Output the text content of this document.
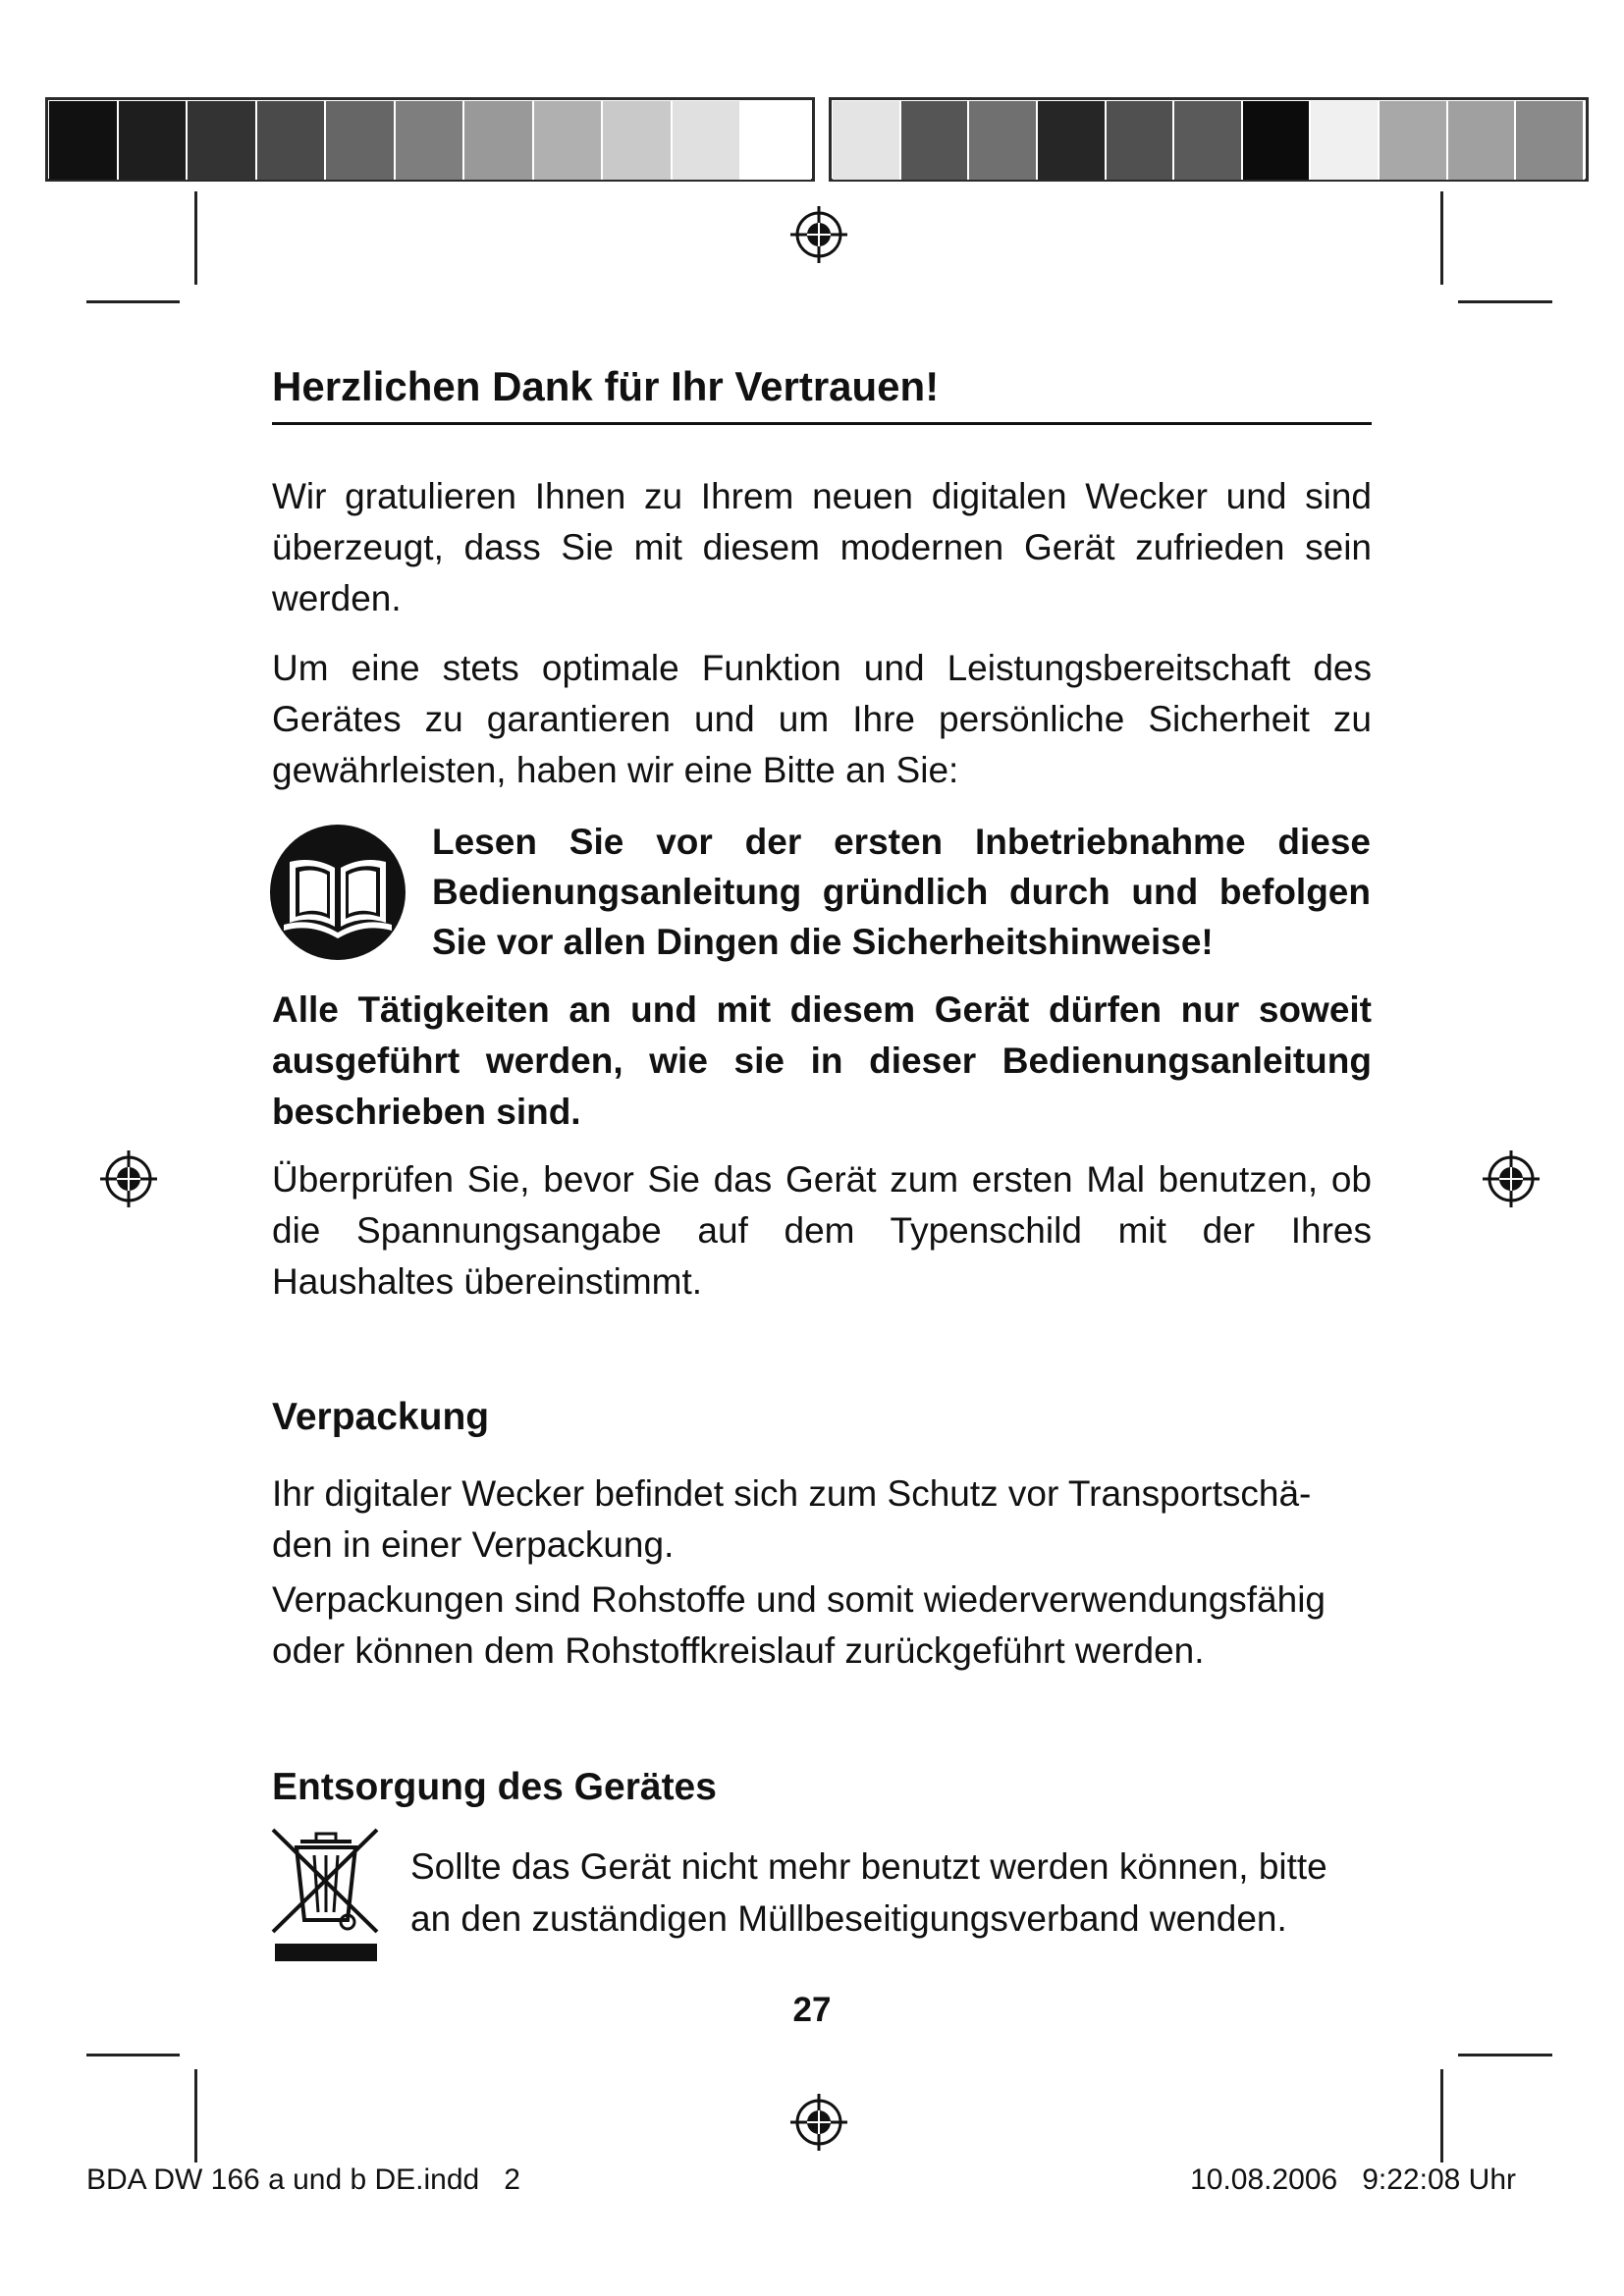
Herzlichen Dank für Ihr Vertrauen!
Wir gratulieren Ihnen zu Ihrem neuen digitalen Wecker und sind überzeugt, dass Sie mit diesem modernen Gerät zufrieden sein werden.
Um eine stets optimale Funktion und Leistungsbereitschaft des Gerätes zu garantieren und um Ihre persönliche Sicherheit zu gewährleisten, haben wir eine Bitte an Sie:
Lesen Sie vor der ersten Inbetriebnahme diese Bedienungsanleitung gründlich durch und befolgen Sie vor allen Dingen die Sicherheitshinweise!
Alle Tätigkeiten an und mit diesem Gerät dürfen nur soweit ausgeführt werden, wie sie in dieser Bedienungsanleitung beschrieben sind.
Überprüfen Sie, bevor Sie das Gerät zum ersten Mal benutzen, ob die Spannungsangabe auf dem Typenschild mit der Ihres Haushaltes übereinstimmt.
Verpackung
Ihr digitaler Wecker befindet sich zum Schutz vor Transportschä-den in einer Verpackung.
Verpackungen sind Rohstoffe und somit wiederverwendungsfähig oder können dem Rohstoffkreislauf zurückgeführt werden.
Entsorgung des Gerätes
Sollte das Gerät nicht mehr benutzt werden können, bitte an den zuständigen Müllbeseitigungsverband wenden.
27
BDA DW 166 a und b DE.indd   2	10.08.2006   9:22:08 Uhr
